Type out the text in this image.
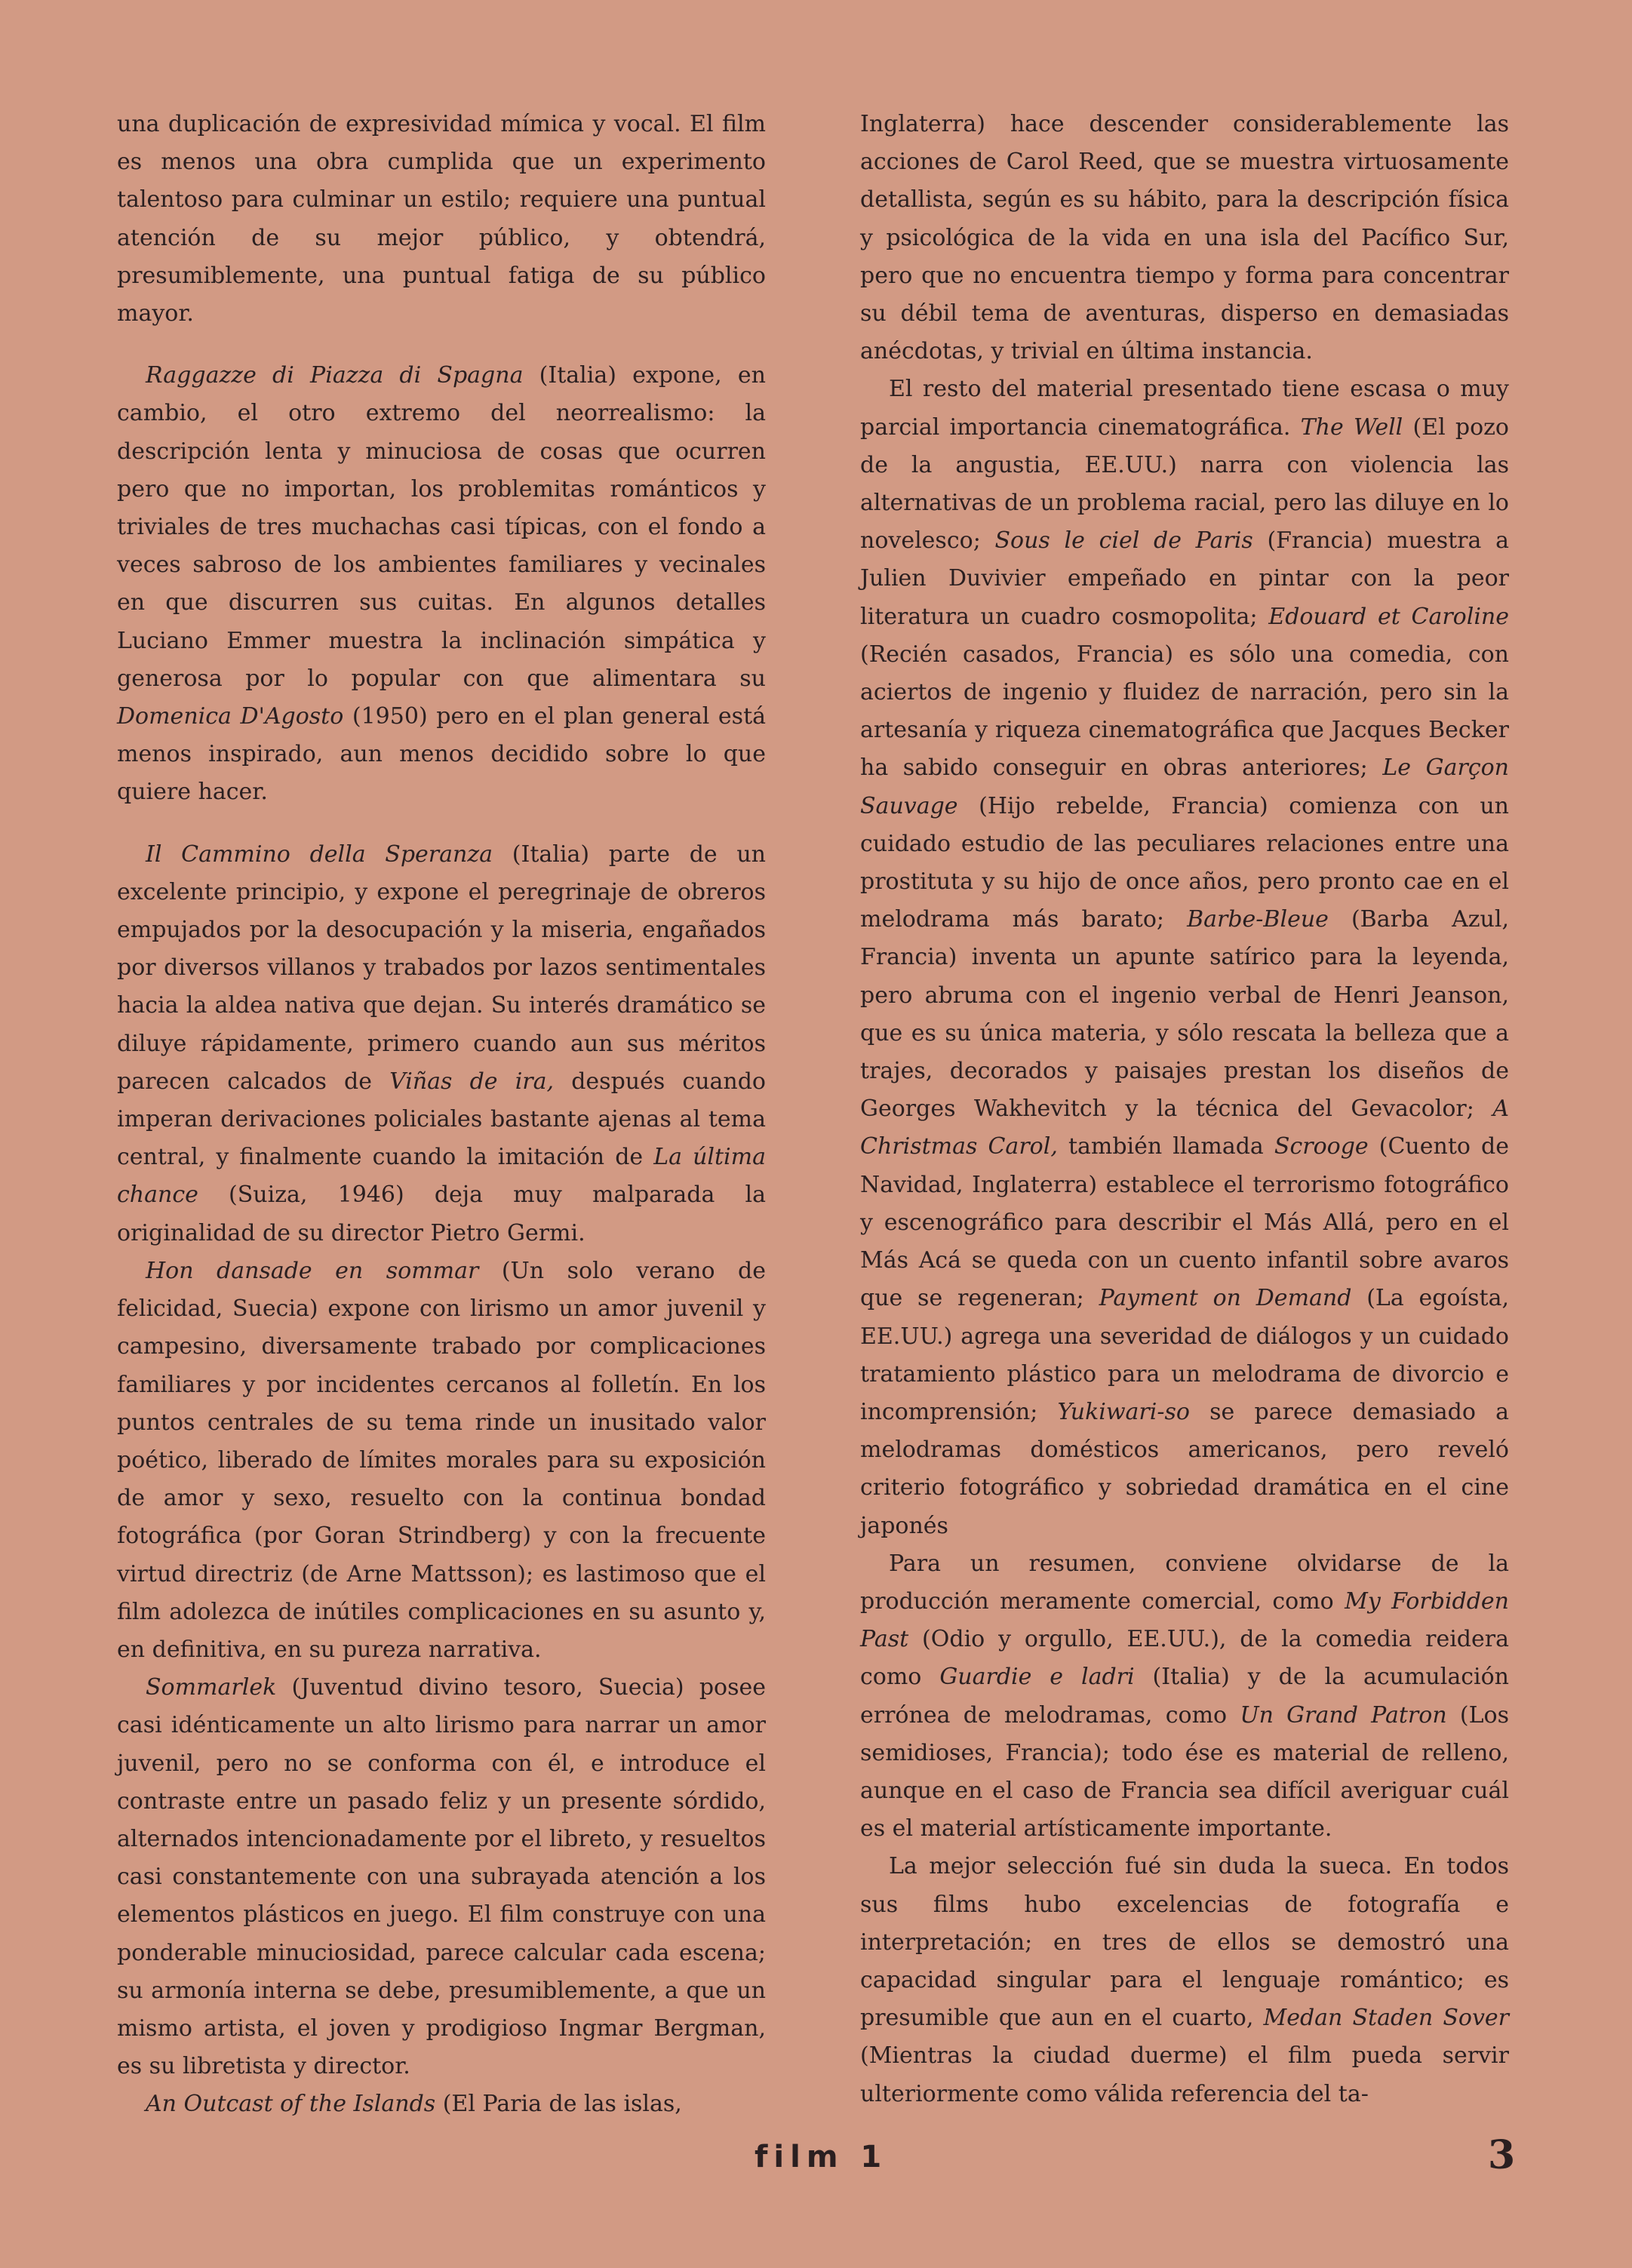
una duplicación de expresividad mímica y vocal. El film es menos una obra cumplida que un experimento talentoso para culminar un estilo; requiere una puntual atención de su mejor público, y obtendrá, presumiblemente, una puntual fatiga de su público mayor.

Raggazze di Piazza di Spagna (Italia) expone, en cambio, el otro extremo del neorrealismo: la descripción lenta y minuciosa de cosas que ocurren pero que no importan, los problemitas románticos y triviales de tres muchachas casi típicas, con el fondo a veces sabroso de los ambientes familiares y vecinales en que discurren sus cuitas. En algunos detalles Luciano Emmer muestra la inclinación simpática y generosa por lo popular con que alimentara su Domenica D'Agosto (1950) pero en el plan general está menos inspirado, aun menos decidido sobre lo que quiere hacer.

Il Cammino della Speranza (Italia) parte de un excelente principio, y expone el peregrinaje de obreros empujados por la desocupación y la miseria, engañados por diversos villanos y trabados por lazos sentimentales hacia la aldea nativa que dejan. Su interés dramático se diluye rápidamente, primero cuando aun sus méritos parecen calcados de Viñas de ira, después cuando imperan derivaciones policiales bastante ajenas al tema central, y finalmente cuando la imitación de La última chance (Suiza, 1946) deja muy malparada la originalidad de su director Pietro Germi.

Hon dansade en sommar (Un solo verano de felicidad, Suecia) expone con lirismo un amor juvenil y campesino, diversamente trabado por complicaciones familiares y por incidentes cercanos al folletín. En los puntos centrales de su tema rinde un inusitado valor poético, liberado de límites morales para su exposición de amor y sexo, resuelto con la continua bondad fotográfica (por Goran Strindberg) y con la frecuente virtud directriz (de Arne Mattsson); es lastimoso que el film adolezca de inútiles complicaciones en su asunto y, en definitiva, en su pureza narrativa.

Sommarlek (Juventud divino tesoro, Suecia) posee casi idénticamente un alto lirismo para narrar un amor juvenil, pero no se conforma con él, e introduce el contraste entre un pasado feliz y un presente sórdido, alternados intencionadamente por el libreto, y resueltos casi constantemente con una subrayada atención a los elementos plásticos en juego. El film construye con una ponderable minuciosidad, parece calcular cada escena; su armonía interna se debe, presumiblemente, a que un mismo artista, el joven y prodigioso Ingmar Bergman, es su libretista y director.

An Outcast of the Islands (El Paria de las islas,

Inglaterra) hace descender considerablemente las acciones de Carol Reed, que se muestra virtuosamente detallista, según es su hábito, para la descripción física y psicológica de la vida en una isla del Pacífico Sur, pero que no encuentra tiempo y forma para concentrar su débil tema de aventuras, disperso en demasiadas anécdotas, y trivial en última instancia.

El resto del material presentado tiene escasa o muy parcial importancia cinematográfica. The Well (El pozo de la angustia, EE.UU.) narra con violencia las alternativas de un problema racial, pero las diluye en lo novelesco; Sous le ciel de Paris (Francia) muestra a Julien Duvivier empeñado en pintar con la peor literatura un cuadro cosmopolita; Edouard et Caroline (Recién casados, Francia) es sólo una comedia, con aciertos de ingenio y fluidez de narración, pero sin la artesanía y riqueza cinematográfica que Jacques Becker ha sabido conseguir en obras anteriores; Le Garçon Sauvage (Hijo rebelde, Francia) comienza con un cuidado estudio de las peculiares relaciones entre una prostituta y su hijo de once años, pero pronto cae en el melodrama más barato; Barbe-Bleue (Barba Azul, Francia) inventa un apunte satírico para la leyenda, pero abruma con el ingenio verbal de Henri Jeanson, que es su única materia, y sólo rescata la belleza que a trajes, decorados y paisajes prestan los diseños de Georges Wakhevitch y la técnica del Gevacolor; A Christmas Carol, también llamada Scrooge (Cuento de Navidad, Inglaterra) establece el terrorismo fotográfico y escenográfico para describir el Más Allá, pero en el Más Acá se queda con un cuento infantil sobre avaros que se regeneran; Payment on Demand (La egoísta, EE.UU.) agrega una severidad de diálogos y un cuidado tratamiento plástico para un melodrama de divorcio e incomprensión; Yukiwari-so se parece demasiado a melodramas domésticos americanos, pero reveló criterio fotográfico y sobriedad dramática en el cine japonés

Para un resumen, conviene olvidarse de la producción meramente comercial, como My Forbidden Past (Odio y orgullo, EE.UU.), de la comedia reidera como Guardie e ladri (Italia) y de la acumulación errónea de melodramas, como Un Grand Patron (Los semidioses, Francia); todo ése es material de relleno, aunque en el caso de Francia sea difícil averiguar cuál es el material artísticamente importante.

La mejor selección fué sin duda la sueca. En todos sus films hubo excelencias de fotografía e interpretación; en tres de ellos se demostró una capacidad singular para el lenguaje romántico; es presumible que aun en el cuarto, Medan Staden Sover (Mientras la ciudad duerme) el film pueda servir ulteriormente como válida referencia del ta-

film 1	3
